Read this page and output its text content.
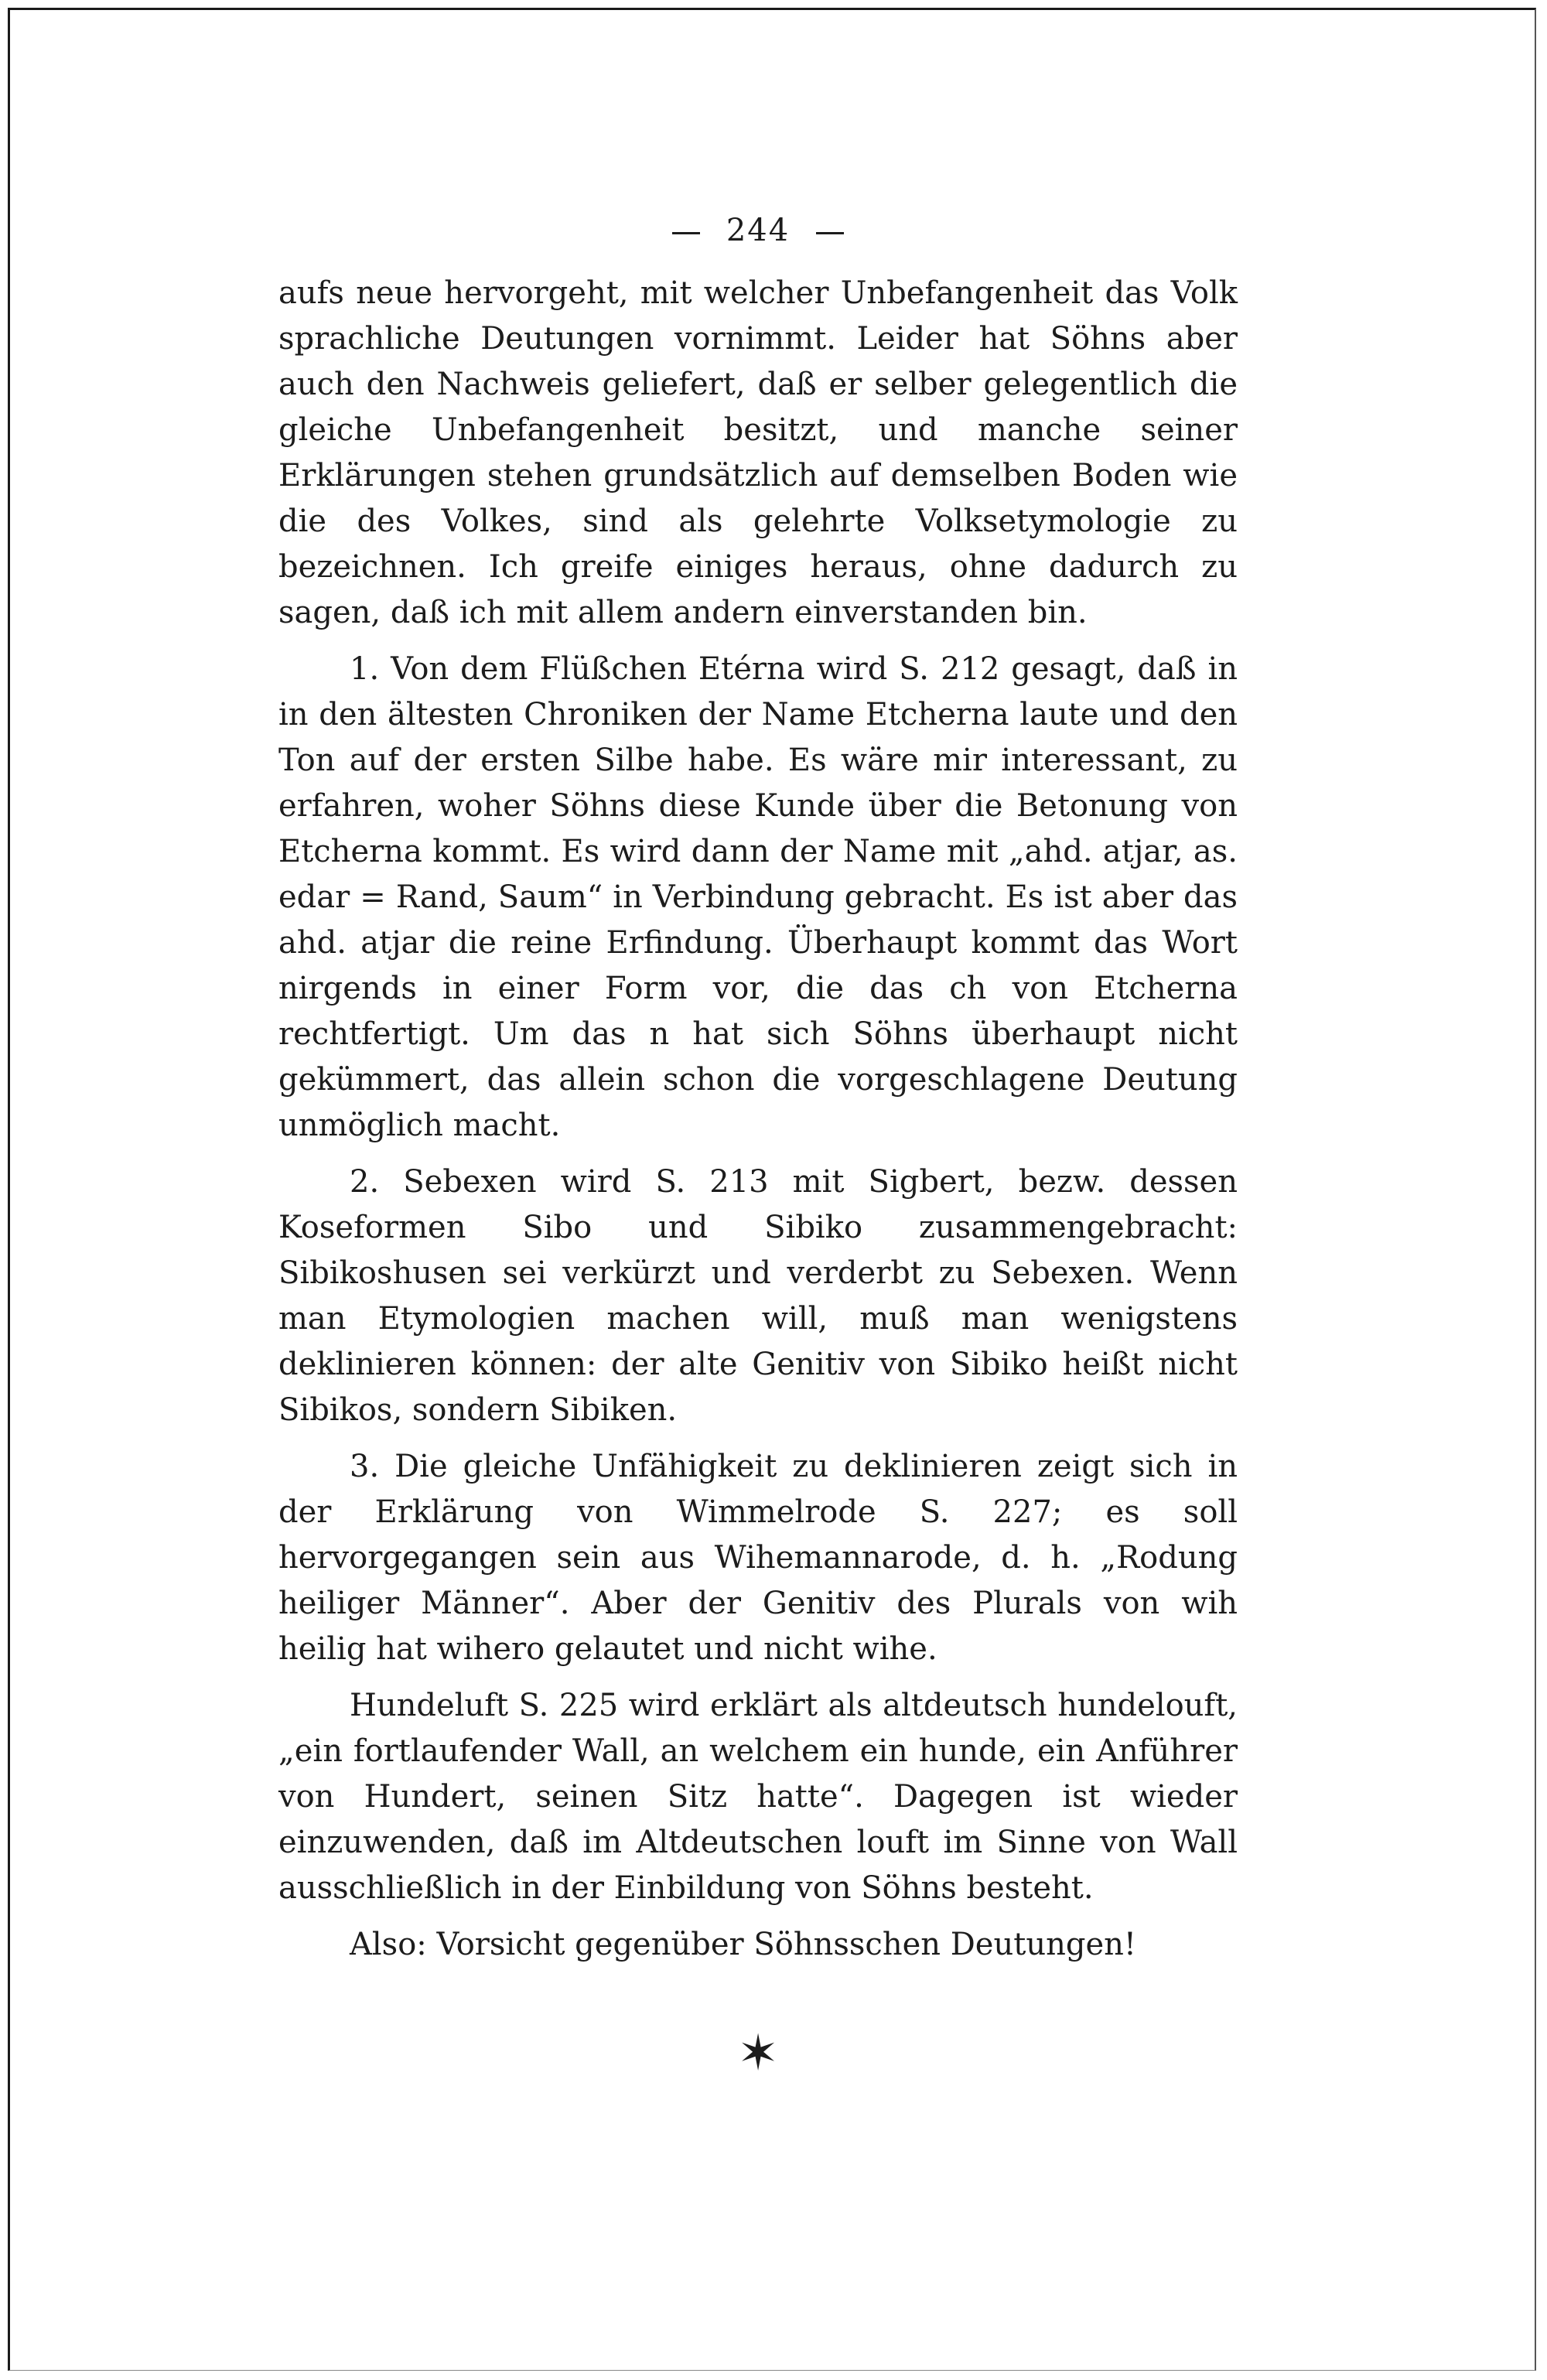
244

aufs neue hervorgeht, mit welcher Unbefangenheit das Volk sprachliche Deutungen vornimmt. Leider hat Söhns aber auch den Nachweis geliefert, daß er selber gelegentlich die gleiche Unbefangenheit besitzt, und manche seiner Erklärungen stehen grundsätzlich auf demselben Boden wie die des Volkes, sind als gelehrte Volksetymologie zu bezeichnen. Ich greife einiges heraus, ohne dadurch zu sagen, daß ich mit allem andern einverstanden bin.

1. Von dem Flüßchen Etérna wird S. 212 gesagt, daß in in den ältesten Chroniken der Name Etcherna laute und den Ton auf der ersten Silbe habe. Es wäre mir interessant, zu erfahren, woher Söhns diese Kunde über die Betonung von Etcherna kommt. Es wird dann der Name mit „ahd. atjar, as. edar = Rand, Saum“ in Verbindung gebracht. Es ist aber das ahd. atjar die reine Erfindung. Überhaupt kommt das Wort nirgends in einer Form vor, die das ch von Etcherna rechtfertigt. Um das n hat sich Söhns überhaupt nicht gekümmert, das allein schon die vorgeschlagene Deutung unmöglich macht.

2. Sebexen wird S. 213 mit Sigbert, bezw. dessen Koseformen Sibo und Sibiko zusammengebracht: Sibikoshusen sei verkürzt und verderbt zu Sebexen. Wenn man Etymologien machen will, muß man wenigstens deklinieren können: der alte Genitiv von Sibiko heißt nicht Sibikos, sondern Sibiken.

3. Die gleiche Unfähigkeit zu deklinieren zeigt sich in der Erklärung von Wimmelrode S. 227; es soll hervorgegangen sein aus Wihemannarode, d. h. „Rodung heiliger Männer“. Aber der Genitiv des Plurals von wih heilig hat wihero gelautet und nicht wihe.

Hundeluft S. 225 wird erklärt als altdeutsch hundelouft, „ein fortlaufender Wall, an welchem ein hunde, ein Anführer von Hundert, seinen Sitz hatte“. Dagegen ist wieder einzuwenden, daß im Altdeutschen louft im Sinne von Wall ausschließlich in der Einbildung von Söhns besteht.

Also: Vorsicht gegenüber Söhnsschen Deutungen!

✶
